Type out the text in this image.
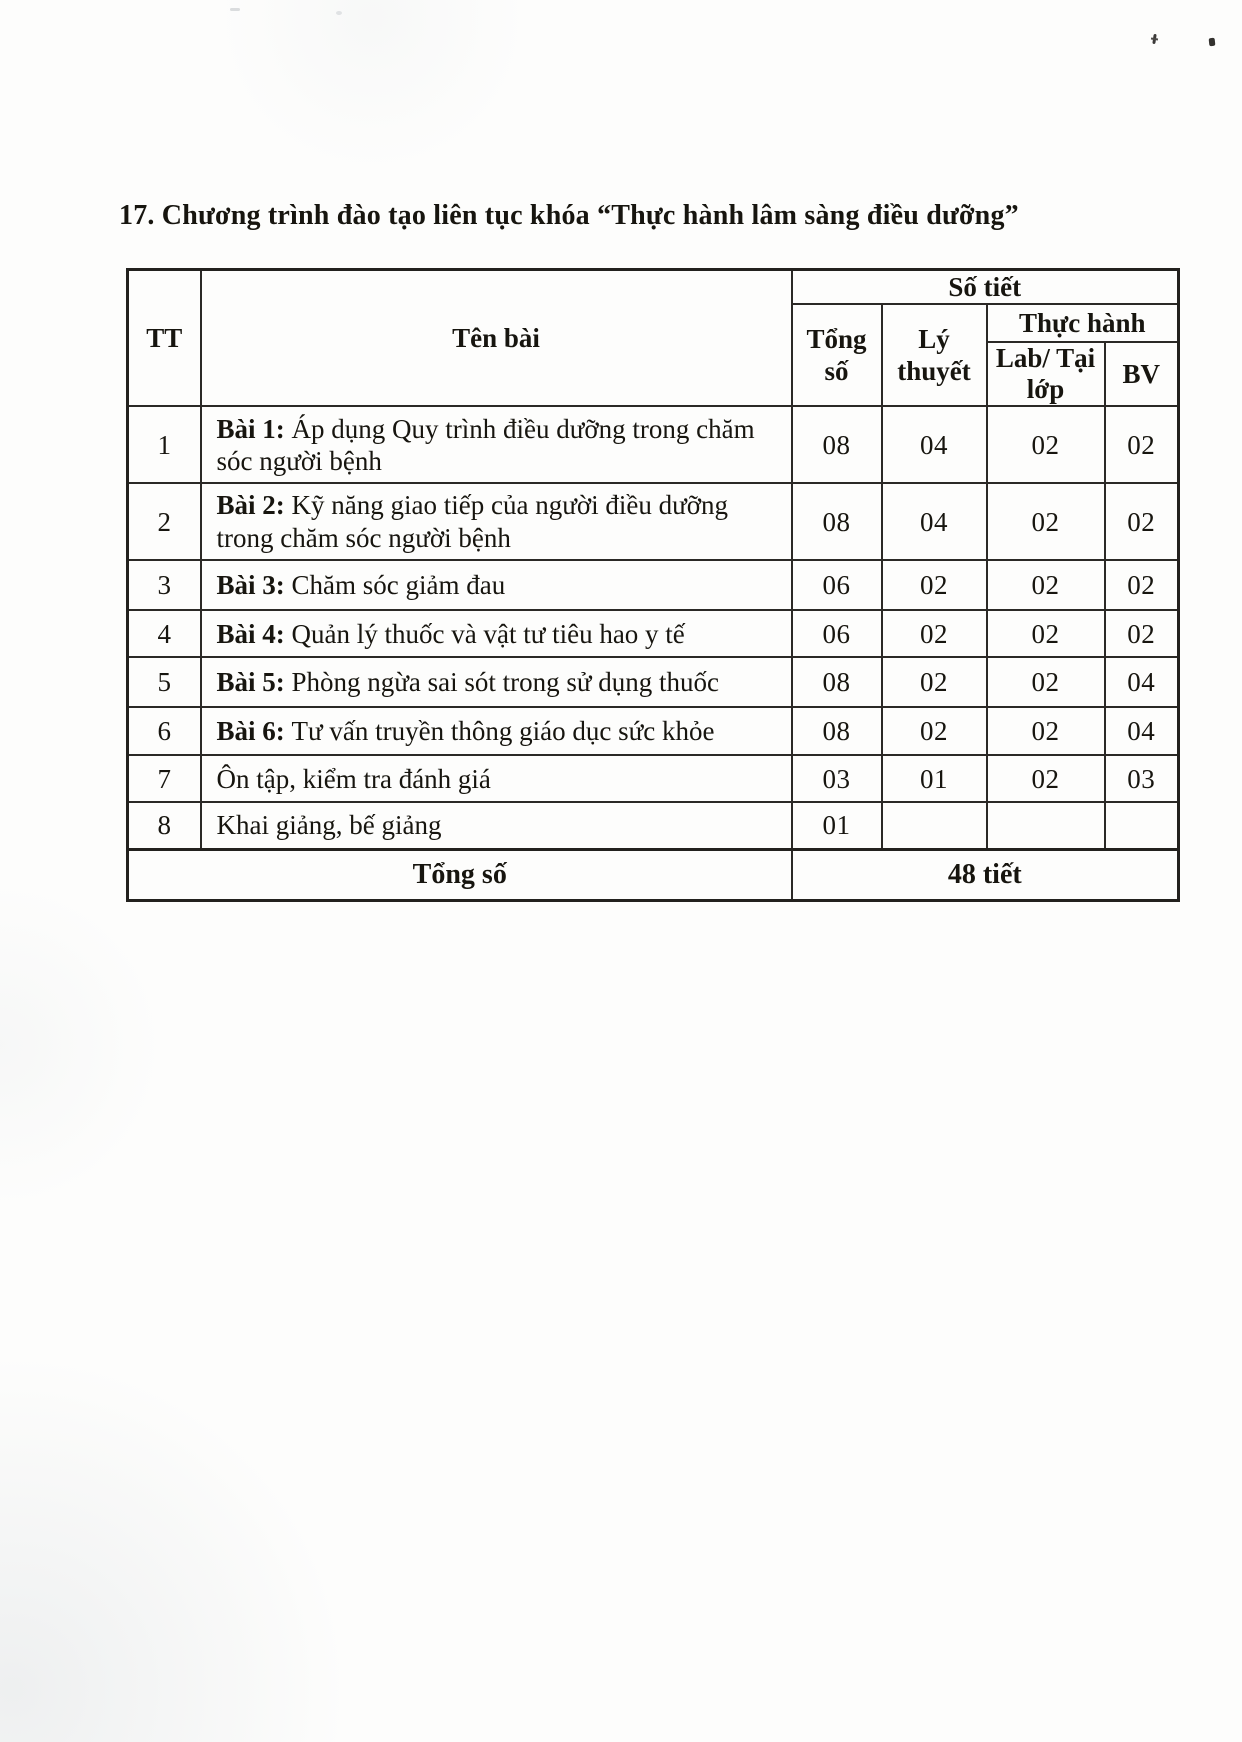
17. Chương trình đào tạo liên tục khóa “Thực hành lâm sàng điều dưỡng”
TT	Tên bài	Số tiết			
		Tổng số	Lý thuyết	Thực hành	
				Lab/ Tại lớp	BV
1	Bài 1: Áp dụng Quy trình điều dưỡng trong chăm sóc người bệnh	08	04	02	02
2	Bài 2: Kỹ năng giao tiếp của người điều dưỡng trong chăm sóc người bệnh	08	04	02	02
3	Bài 3: Chăm sóc giảm đau	06	02	02	02
4	Bài 4: Quản lý thuốc và vật tư tiêu hao y tế	06	02	02	02
5	Bài 5: Phòng ngừa sai sót trong sử dụng thuốc	08	02	02	04
6	Bài 6: Tư vấn truyền thông giáo dục sức khỏe	08	02	02	04
7	Ôn tập, kiểm tra đánh giá	03	01	02	03
8	Khai giảng, bế giảng	01			
Tổng số		48 tiết			
